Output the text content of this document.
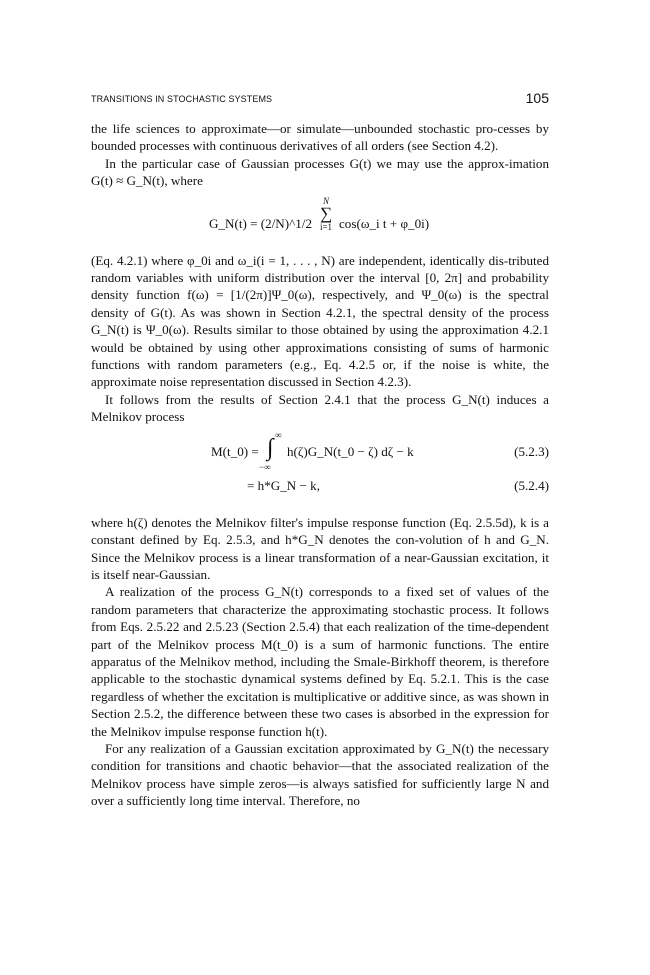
TRANSITIONS IN STOCHASTIC SYSTEMS	105

the life sciences to approximate—or simulate—unbounded stochastic pro-cesses by bounded processes with continuous derivatives of all orders (see Section 4.2).

In the particular case of Gaussian processes G(t) we may use the approx-imation G(t) ≈ G_N(t), where

G_N(t) = (2/N)^1/2
N
∑
i=1 cos(ω_i t + φ_0i)

(Eq. 4.2.1) where φ_0i and ω_i(i = 1, . . . , N) are independent, identically dis-tributed random variables with uniform distribution over the interval [0, 2π] and probability density function f(ω) = [1/(2π)]Ψ_0(ω), respectively, and Ψ_0(ω) is the spectral density of G(t). As was shown in Section 4.2.1, the spectral density of the process G_N(t) is Ψ_0(ω). Results similar to those obtained by using the approximation 4.2.1 would be obtained by using other approximations consisting of sums of harmonic functions with random parameters (e.g., Eq. 4.2.5 or, if the noise is white, the approximate noise representation discussed in Section 4.2.3).

It follows from the results of Section 2.4.1 that the process G_N(t) induces a Melnikov process

M(t_0) =
∞
∫
−∞
h(ζ)G_N(t_0 − ζ) dζ − k	(5.2.3)
= h*G_N − k,	(5.2.4)

where h(ζ) denotes the Melnikov filter's impulse response function (Eq. 2.5.5d), k is a constant defined by Eq. 2.5.3, and h*G_N denotes the con-volution of h and G_N. Since the Melnikov process is a linear transformation of a near-Gaussian excitation, it is itself near-Gaussian.

A realization of the process G_N(t) corresponds to a fixed set of values of the random parameters that characterize the approximating stochastic process. It follows from Eqs. 2.5.22 and 2.5.23 (Section 2.5.4) that each realization of the time-dependent part of the Melnikov process M(t_0) is a sum of harmonic functions. The entire apparatus of the Melnikov method, including the Smale-Birkhoff theorem, is therefore applicable to the stochastic dynamical systems defined by Eq. 5.2.1. This is the case regardless of whether the excitation is multiplicative or additive since, as was shown in Section 2.5.2, the difference between these two cases is absorbed in the expression for the Melnikov impulse response function h(t).

For any realization of a Gaussian excitation approximated by G_N(t) the necessary condition for transitions and chaotic behavior—that the associated realization of the Melnikov process have simple zeros—is always satisfied for sufficiently large N and over a sufficiently long time interval. Therefore, no
